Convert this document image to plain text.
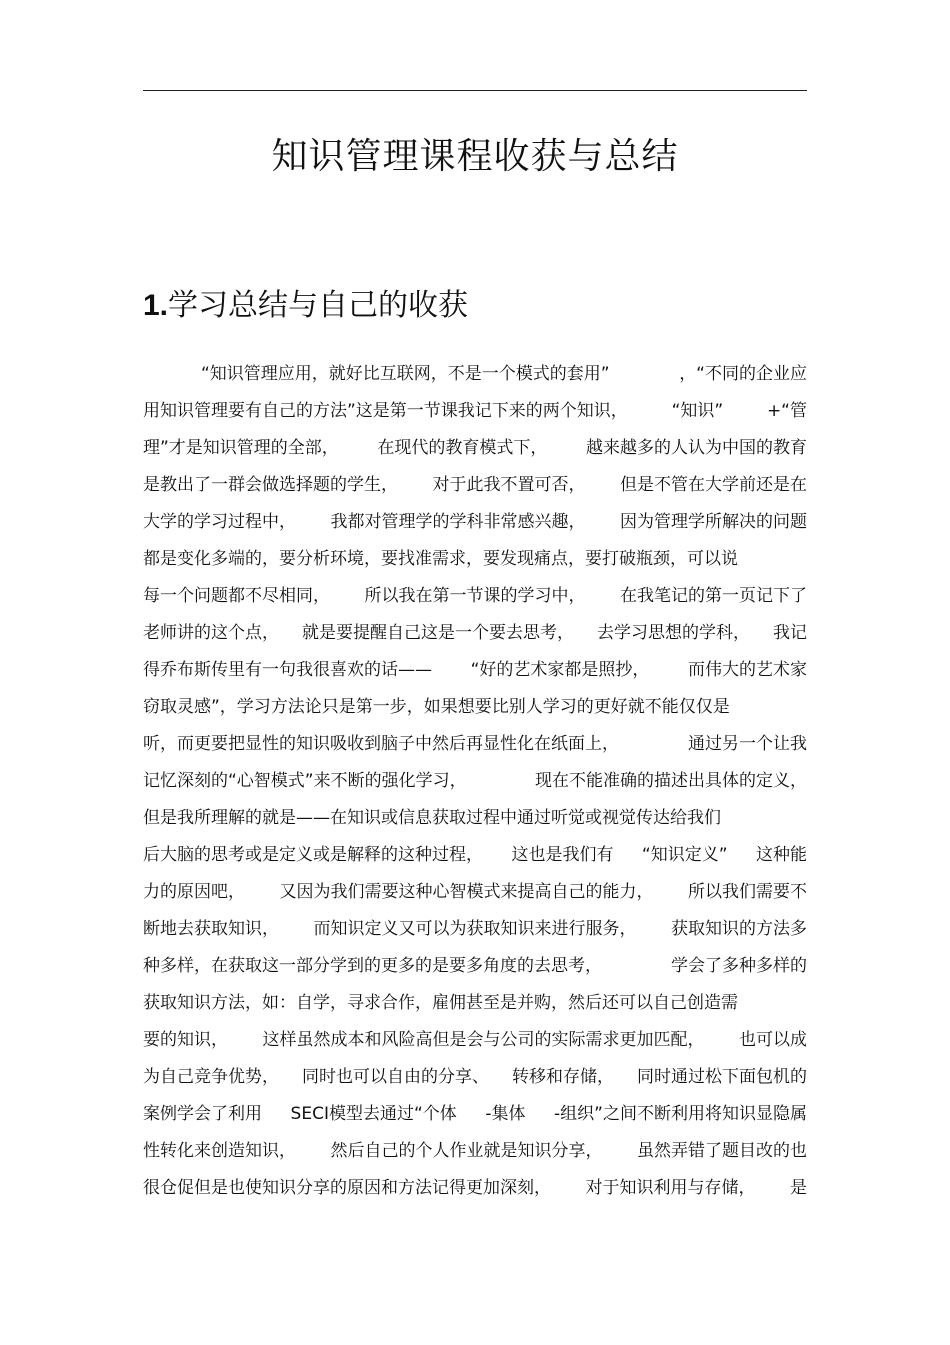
知识管理课程收获与总结
1.学习总结与自己的收获
“知识管理应用，就好比互联网，不是一个模式的套用”	，“不同的企业应
用知识管理要有自己的方法”这是第一节课我记下来的两个知识，	“知识”	+“管
理”才是知识管理的全部， 在现代的教育模式下， 越来越多的人认为中国的教育
是教出了一群会做选择题的学生， 对于此我不置可否， 但是不管在大学前还是在
大学的学习过程中， 我都对管理学的学科非常感兴趣， 因为管理学所解决的问题
都是变化多端的，要分析环境，要找准需求，要发现痛点，要打破瓶颈，可以说
每一个问题都不尽相同， 所以我在第一节课的学习中， 在我笔记的第一页记下了
老师讲的这个点， 就是要提醒自己这是一个要去思考， 去学习思想的学科， 我记
得乔布斯传里有一句我很喜欢的话—— “好的艺术家都是照抄， 而伟大的艺术家
窃取灵感”，学习方法论只是第一步，如果想要比别人学习的更好就不能仅仅是
听，而更要把显性的知识吸收到脑子中然后再显性化在纸面上，	通过另一个让我
记忆深刻的“心智模式”来不断的强化学习，	现在不能准确的描述出具体的定义，
但是我所理解的就是——在知识或信息获取过程中通过听觉或视觉传达给我们
后大脑的思考或是定义或是解释的这种过程， 这也是我们有 “知识定义” 这种能
力的原因吧， 又因为我们需要这种心智模式来提高自己的能力， 所以我们需要不
断地去获取知识， 而知识定义又可以为获取知识来进行服务， 获取知识的方法多
种多样，在获取这一部分学到的更多的是要多角度的去思考，	学会了多种多样的
获取知识方法，如：自学，寻求合作，雇佣甚至是并购，然后还可以自己创造需
要的知识， 这样虽然成本和风险高但是会与公司的实际需求更加匹配， 也可以成
为自己竞争优势， 同时也可以自由的分享、 转移和存储， 同时通过松下面包机的
案例学会了利用 SECI模型去通过“个体 -集体 -组织”之间不断利用将知识显隐属
性转化来创造知识， 然后自己的个人作业就是知识分享， 虽然弄错了题目改的也
很仓促但是也使知识分享的原因和方法记得更加深刻， 对于知识利用与存储， 是
